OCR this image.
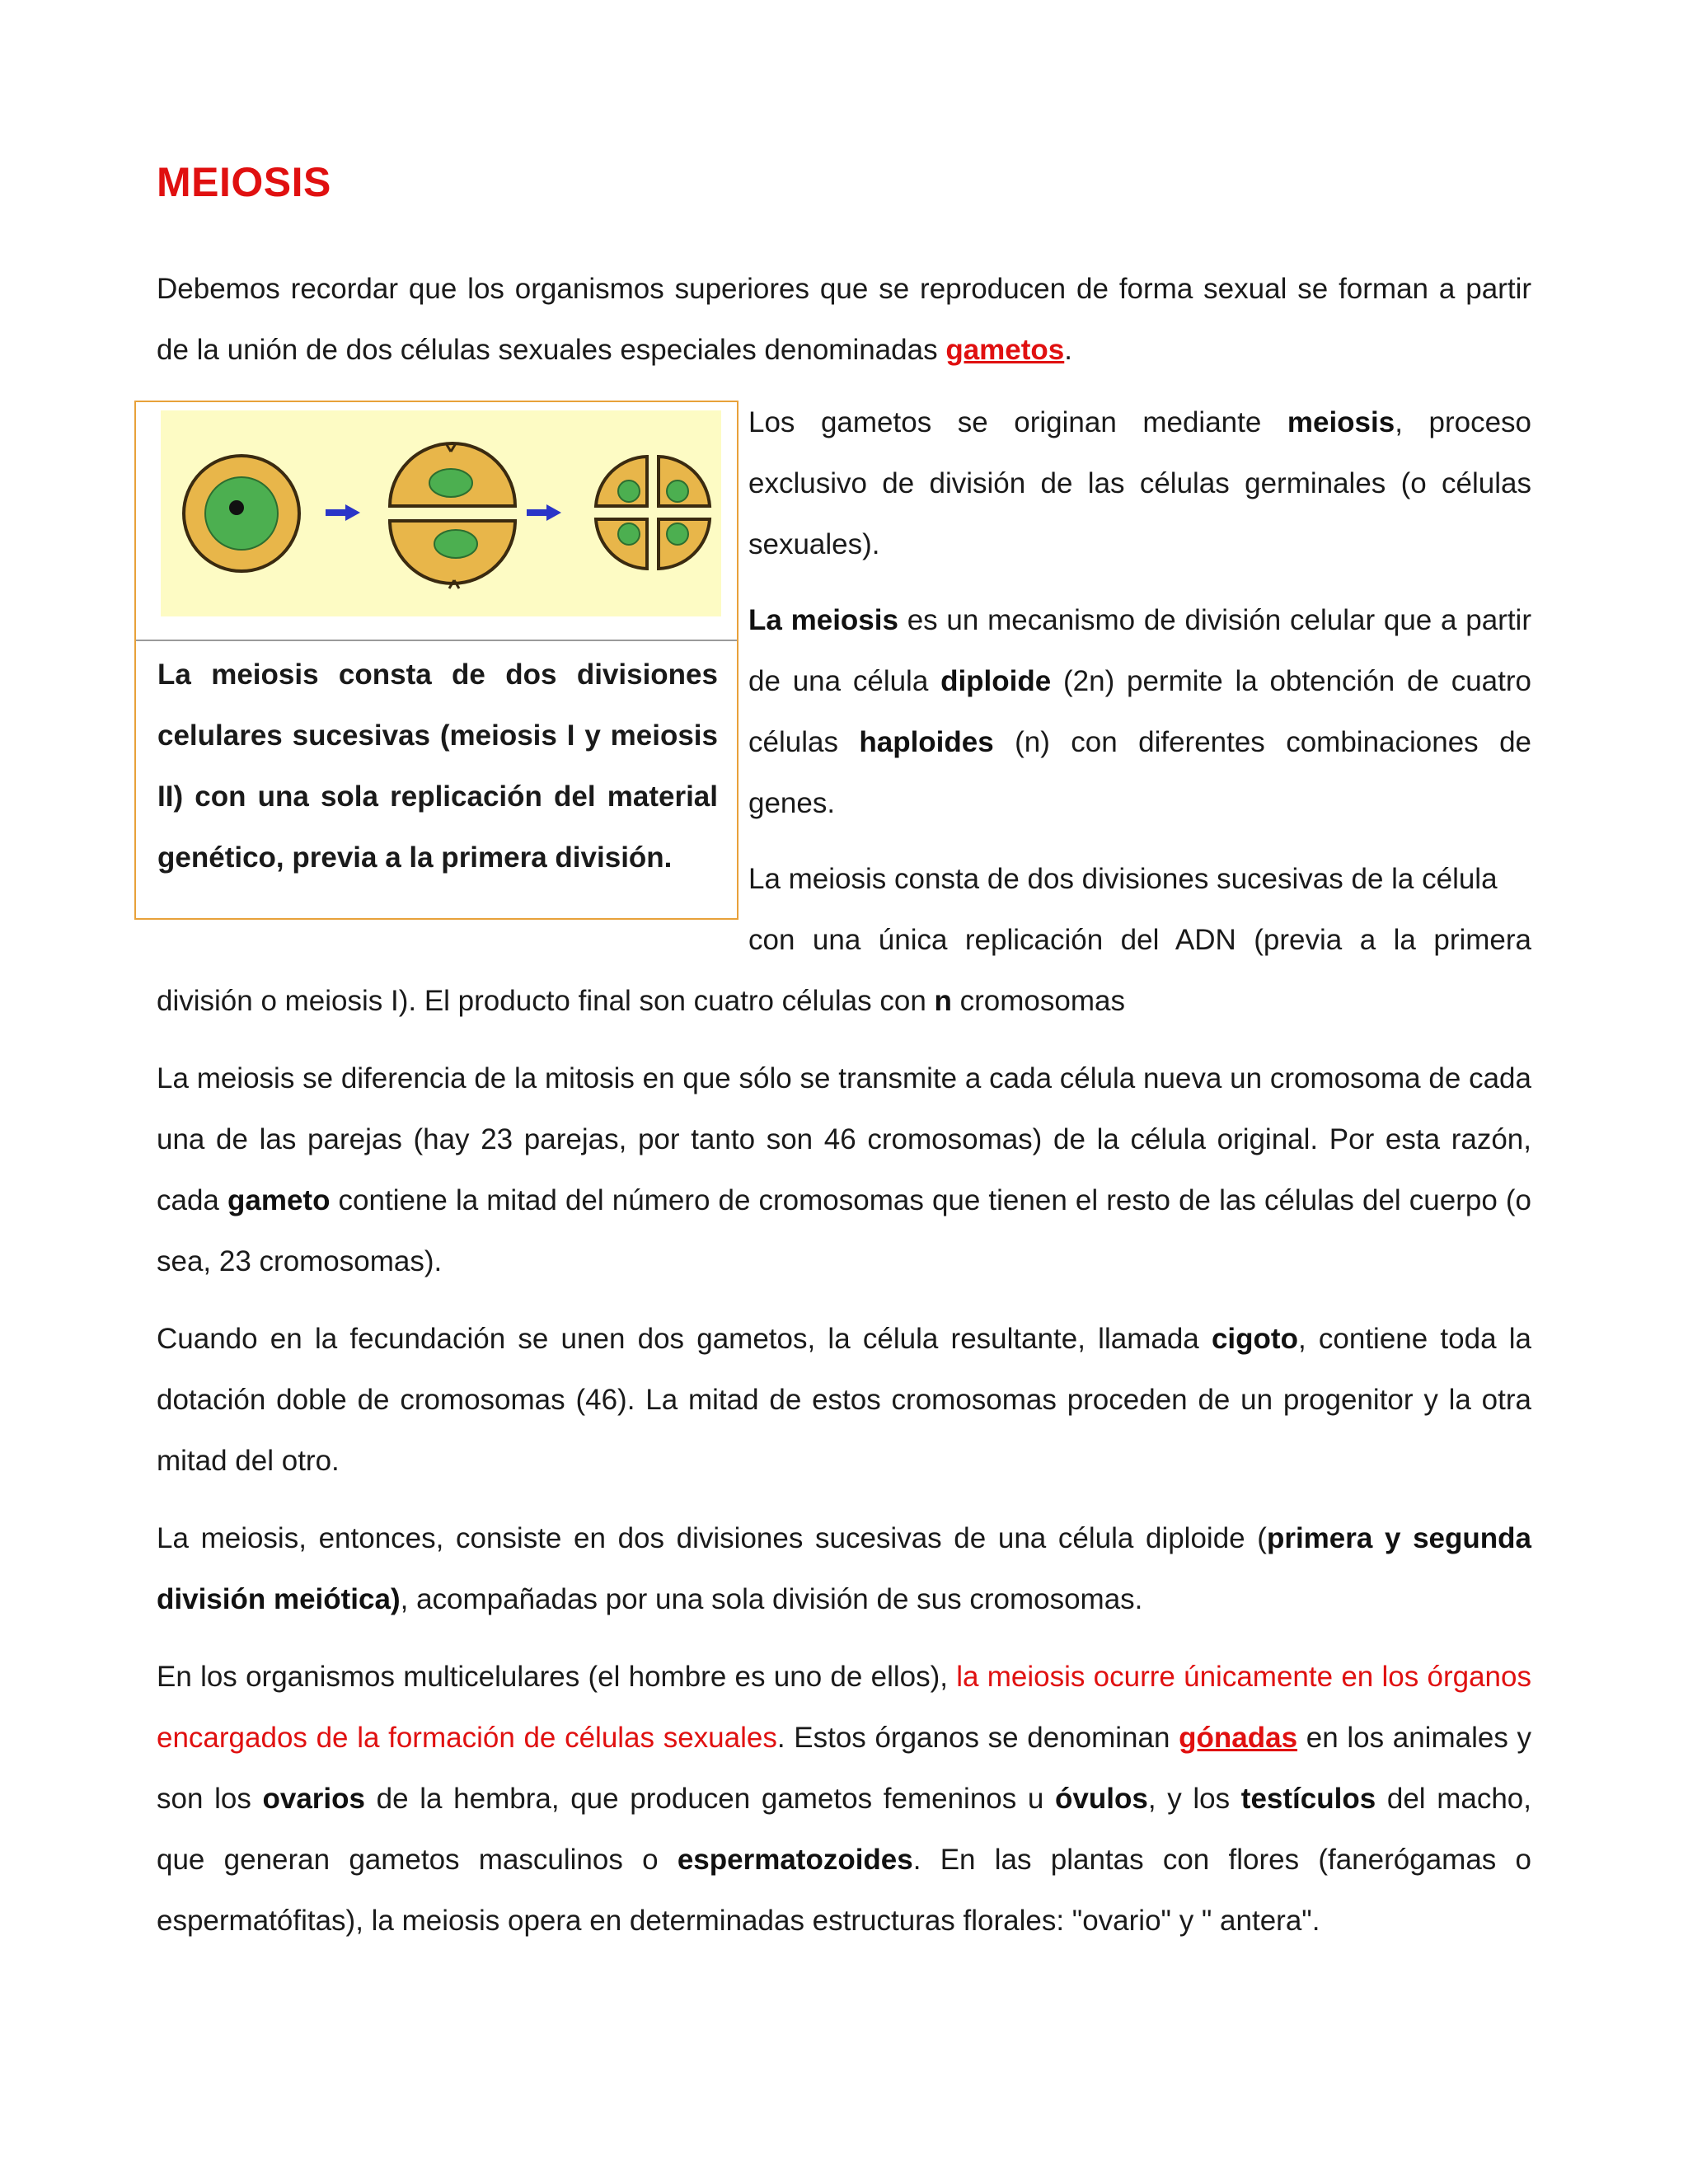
MEIOSIS

Debemos recordar que los organismos superiores que se reproducen de forma sexual se forman a partir de la unión de dos células sexuales especiales denominadas gametos.

La meiosis consta de dos divisiones celulares sucesivas (meiosis I y meiosis II) con una sola replicación del material genético, previa a la primera división.

Los gametos se originan mediante meiosis, proceso exclusivo de división de las células germinales (o células sexuales).

La meiosis es un mecanismo de división celular que a partir de una célula diploide (2n) permite la obtención de cuatro células haploides (n) con diferentes combinaciones de genes.

La meiosis consta de dos divisiones sucesivas de la célula

con una única replicación del ADN (previa a la primera

división o meiosis I). El producto final son cuatro células con n cromosomas

La meiosis se diferencia de la mitosis en que sólo se transmite a cada célula nueva un cromosoma de cada una de las parejas (hay 23 parejas, por tanto son 46 cromosomas) de la célula original. Por esta razón, cada gameto contiene la mitad del número de cromosomas que tienen el resto de las células del cuerpo (o sea, 23 cromosomas).

Cuando en la fecundación se unen dos gametos, la célula resultante, llamada cigoto, contiene toda la dotación doble de cromosomas (46). La mitad de estos cromosomas proceden de un progenitor y la otra mitad del otro.

La meiosis, entonces, consiste en dos divisiones sucesivas de una célula diploide (primera y segunda división meiótica), acompañadas por una sola división de sus cromosomas.

En los organismos multicelulares (el hombre es uno de ellos), la meiosis ocurre únicamente en los órganos encargados de la formación de células sexuales. Estos órganos se denominan gónadas en los animales y son los ovarios de la hembra, que producen gametos femeninos u óvulos, y los testículos del macho, que generan gametos masculinos o espermatozoides. En las plantas con flores (fanerógamas o espermatófitas), la meiosis opera en determinadas estructuras florales: "ovario" y " antera".
